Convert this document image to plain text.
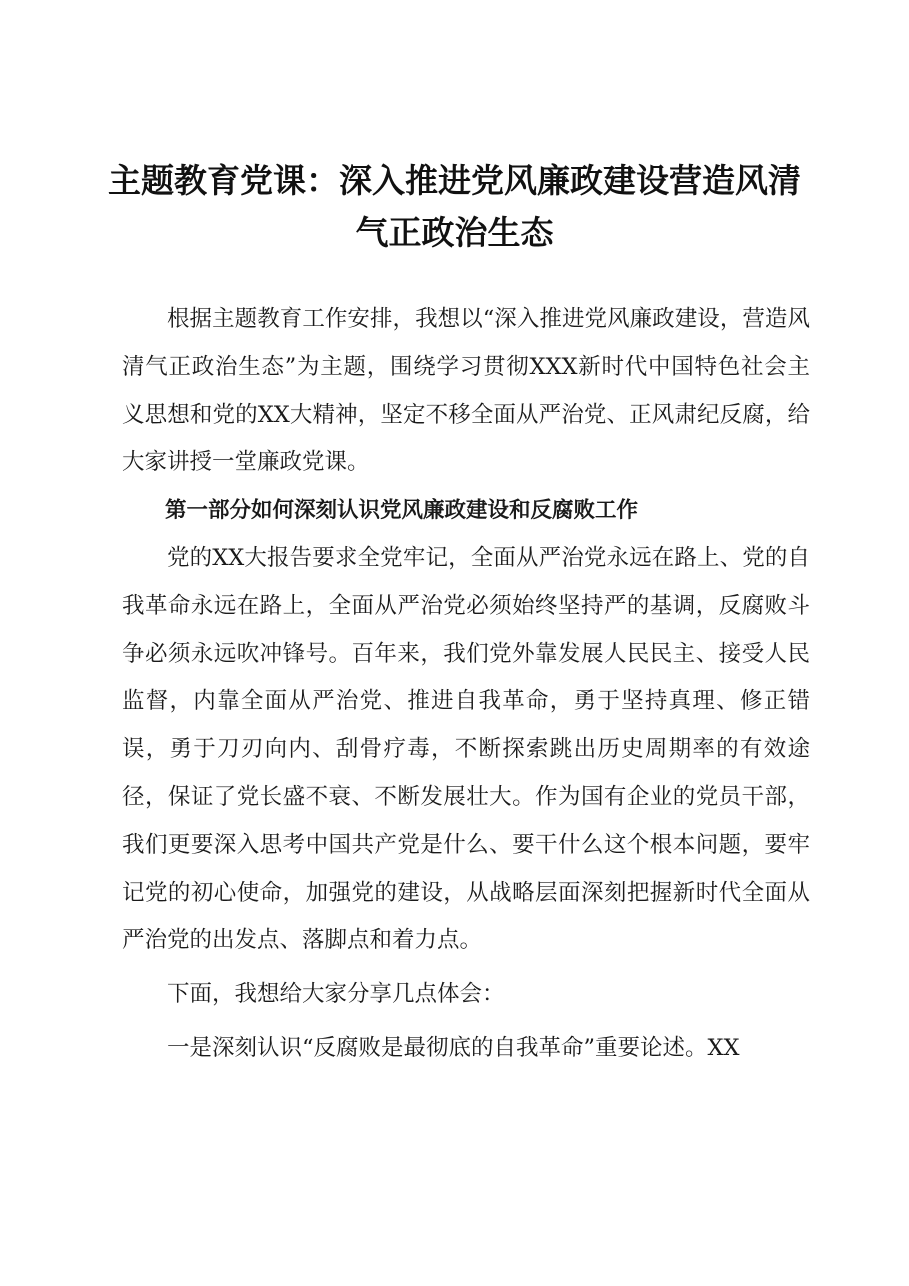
主题教育党课：深入推进党风廉政建设营造风清气正政治生态

根据主题教育工作安排，我想以“深入推进党风廉政建设，营造风清气正政治生态”为主题，围绕学习贯彻XXX新时代中国特色社会主义思想和党的XX大精神，坚定不移全面从严治党、正风肃纪反腐，给大家讲授一堂廉政党课。

第一部分如何深刻认识党风廉政建设和反腐败工作

党的XX大报告要求全党牢记，全面从严治党永远在路上、党的自我革命永远在路上，全面从严治党必须始终坚持严的基调，反腐败斗争必须永远吹冲锋号。百年来，我们党外靠发展人民民主、接受人民监督，内靠全面从严治党、推进自我革命，勇于坚持真理、修正错误，勇于刀刃向内、刮骨疗毒，不断探索跳出历史周期率的有效途径，保证了党长盛不衰、不断发展壮大。作为国有企业的党员干部，我们更要深入思考中国共产党是什么、要干什么这个根本问题，要牢记党的初心使命，加强党的建设，从战略层面深刻把握新时代全面从严治党的出发点、落脚点和着力点。

下面，我想给大家分享几点体会：

一是深刻认识“反腐败是最彻底的自我革命”重要论述。XX
